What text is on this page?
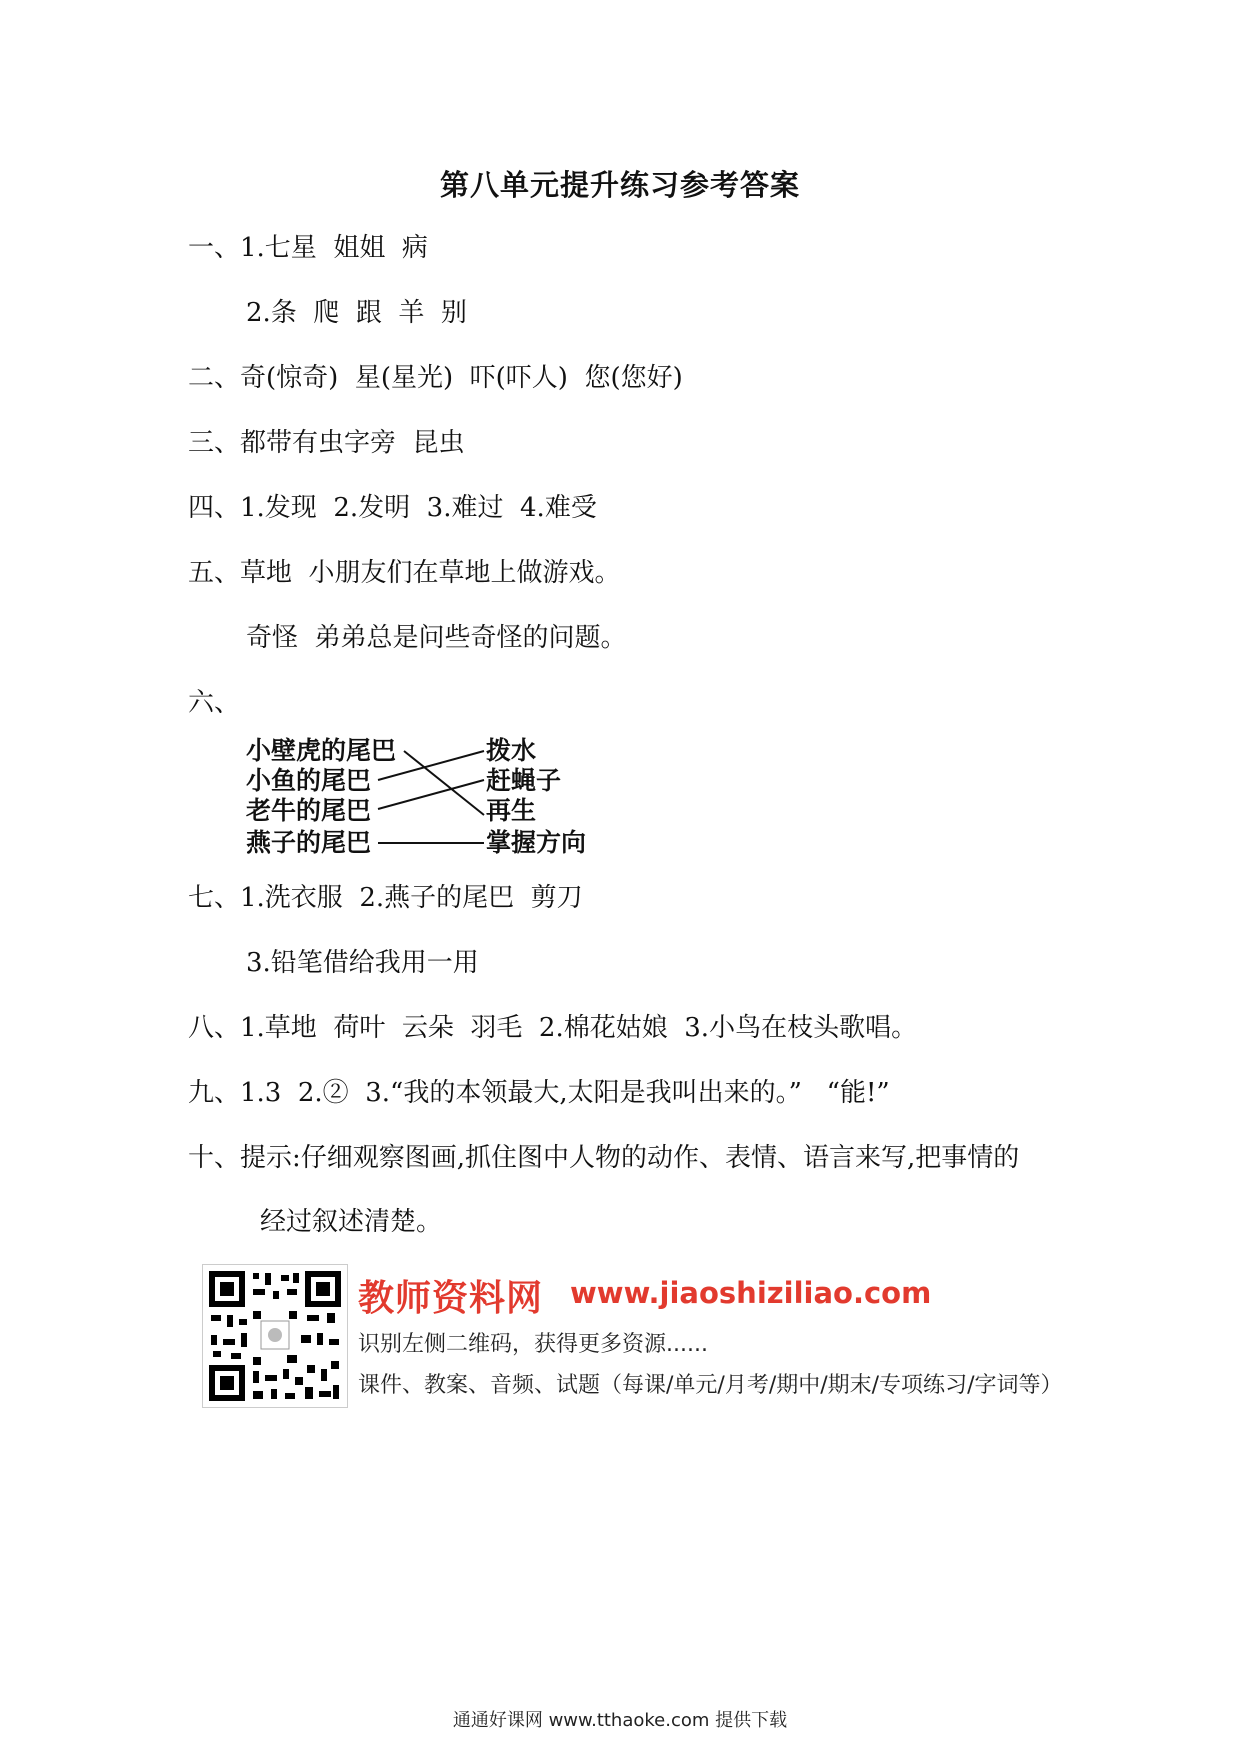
第八单元提升练习参考答案
一、1.七星  姐姐  病
2.条  爬  跟  羊  别
二、奇(惊奇)  星(星光)  吓(吓人)  您(您好)
三、都带有虫字旁  昆虫
四、1.发现  2.发明  3.难过  4.难受
五、草地  小朋友们在草地上做游戏。
奇怪  弟弟总是问些奇怪的问题。
六、
小壁虎的尾巴
小鱼的尾巴
老牛的尾巴
燕子的尾巴
拨水
赶蝇子
再生
掌握方向
七、1.洗衣服  2.燕子的尾巴  剪刀
3.铅笔借给我用一用
八、1.草地  荷叶  云朵  羽毛  2.棉花姑娘  3.小鸟在枝头歌唱。
九、1.3  2.②  3.“我的本领最大,太阳是我叫出来的。”   “能!”
十、提示:仔细观察图画,抓住图中人物的动作、表情、语言来写,把事情的
经过叙述清楚。
教师资料网 www.jiaoshiziliao.com
识别左侧二维码，获得更多资源......
课件、教案、音频、试题（每课/单元/月考/期中/期末/专项练习/字词等）
通通好课网 www.tthaoke.com 提供下载
